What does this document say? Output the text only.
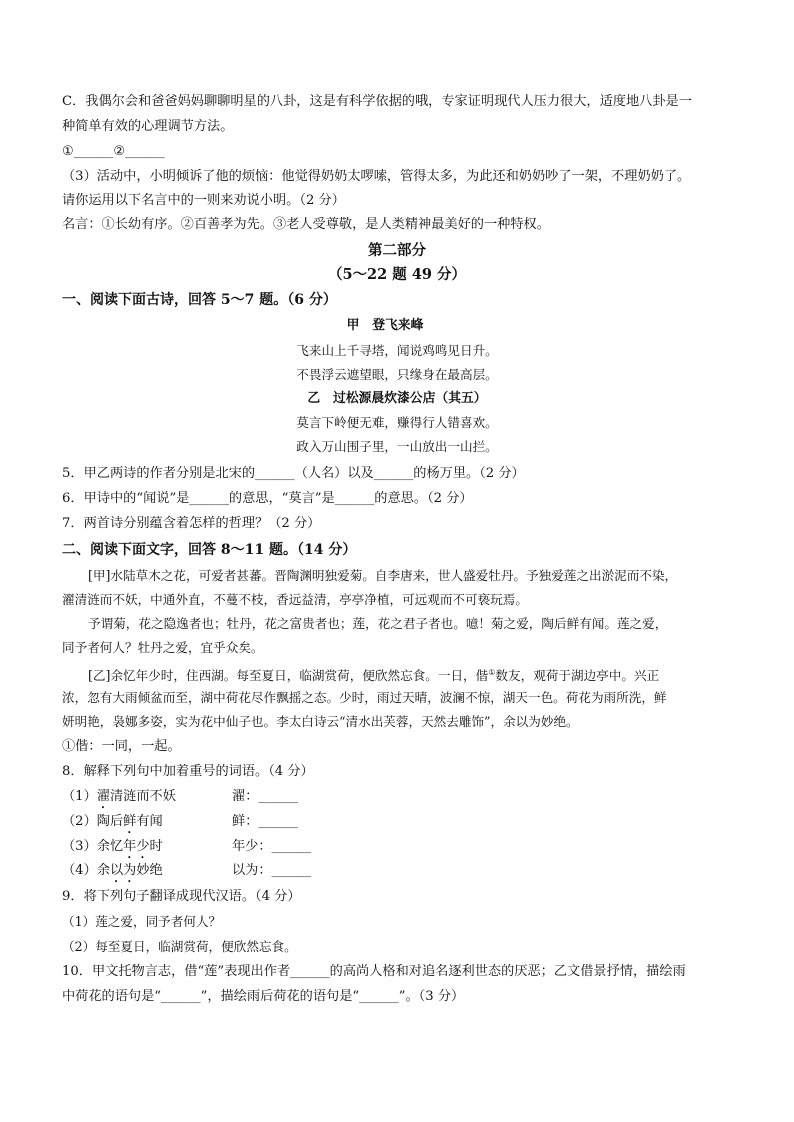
C．我偶尔会和爸爸妈妈聊聊明星的八卦，这是有科学依据的哦，专家证明现代人压力很大，适度地八卦是一
种简单有效的心理调节方法。
①______②______
（3）活动中，小明倾诉了他的烦恼：他觉得奶奶太啰嗦，管得太多，为此还和奶奶吵了一架，不理奶奶了。
请你运用以下名言中的一则来劝说小明。（2 分）
名言：①长幼有序。②百善孝为先。③老人受尊敬，是人类精神最美好的一种特权。
第二部分
（5～22 题 49 分）
一、阅读下面古诗，回答 5～7 题。（6 分）
甲　登飞来峰
飞来山上千寻塔，闻说鸡鸣见日升。
不畏浮云遮望眼，只缘身在最高层。
乙　过松源晨炊漆公店（其五）
莫言下岭便无难，赚得行人错喜欢。
政入万山围子里，一山放出一山拦。
5．甲乙两诗的作者分别是北宋的______（人名）以及______的杨万里。（2 分）
6．甲诗中的“闻说”是______的意思，“莫言”是______的意思。（2 分）
7．两首诗分别蕴含着怎样的哲理？（2 分）
二、阅读下面文字，回答 8～11 题。（14 分）
[甲]水陆草木之花，可爱者甚蕃。晋陶渊明独爱菊。自李唐来，世人盛爱牡丹。予独爱莲之出淤泥而不染，
濯清涟而不妖，中通外直，不蔓不枝，香远益清，亭亭净植，可远观而不可亵玩焉。
予谓菊，花之隐逸者也；牡丹，花之富贵者也；莲，花之君子者也。噫！菊之爱，陶后鲜有闻。莲之爱，
同予者何人？牡丹之爱，宜乎众矣。
[乙]余忆年少时，住西湖。每至夏日，临湖赏荷，便欣然忘食。一日，偕①数友，观荷于湖边亭中。兴正
浓，忽有大雨倾盆而至，湖中荷花尽作飘摇之态。少时，雨过天晴，波澜不惊，湖天一色。荷花为雨所洗，鲜
妍明艳，袅娜多姿，实为花中仙子也。李太白诗云“清水出芙蓉，天然去雕饰”，余以为妙绝。
①偕：一同，一起。
8．解释下列句中加着重号的词语。（4 分）
（1）濯清涟而不妖	濯：______
（2）陶后鲜有闻	鲜：______
（3）余忆年少时	年少：______
（4）余以为妙绝	以为：______
9．将下列句子翻译成现代汉语。（4 分）
（1）莲之爱，同予者何人？
（2）每至夏日，临湖赏荷，便欣然忘食。
10．甲文托物言志，借“莲”表现出作者______的高尚人格和对追名逐利世态的厌恶；乙文借景抒情，描绘雨
中荷花的语句是“______”，描绘雨后荷花的语句是“______”。（3 分）
